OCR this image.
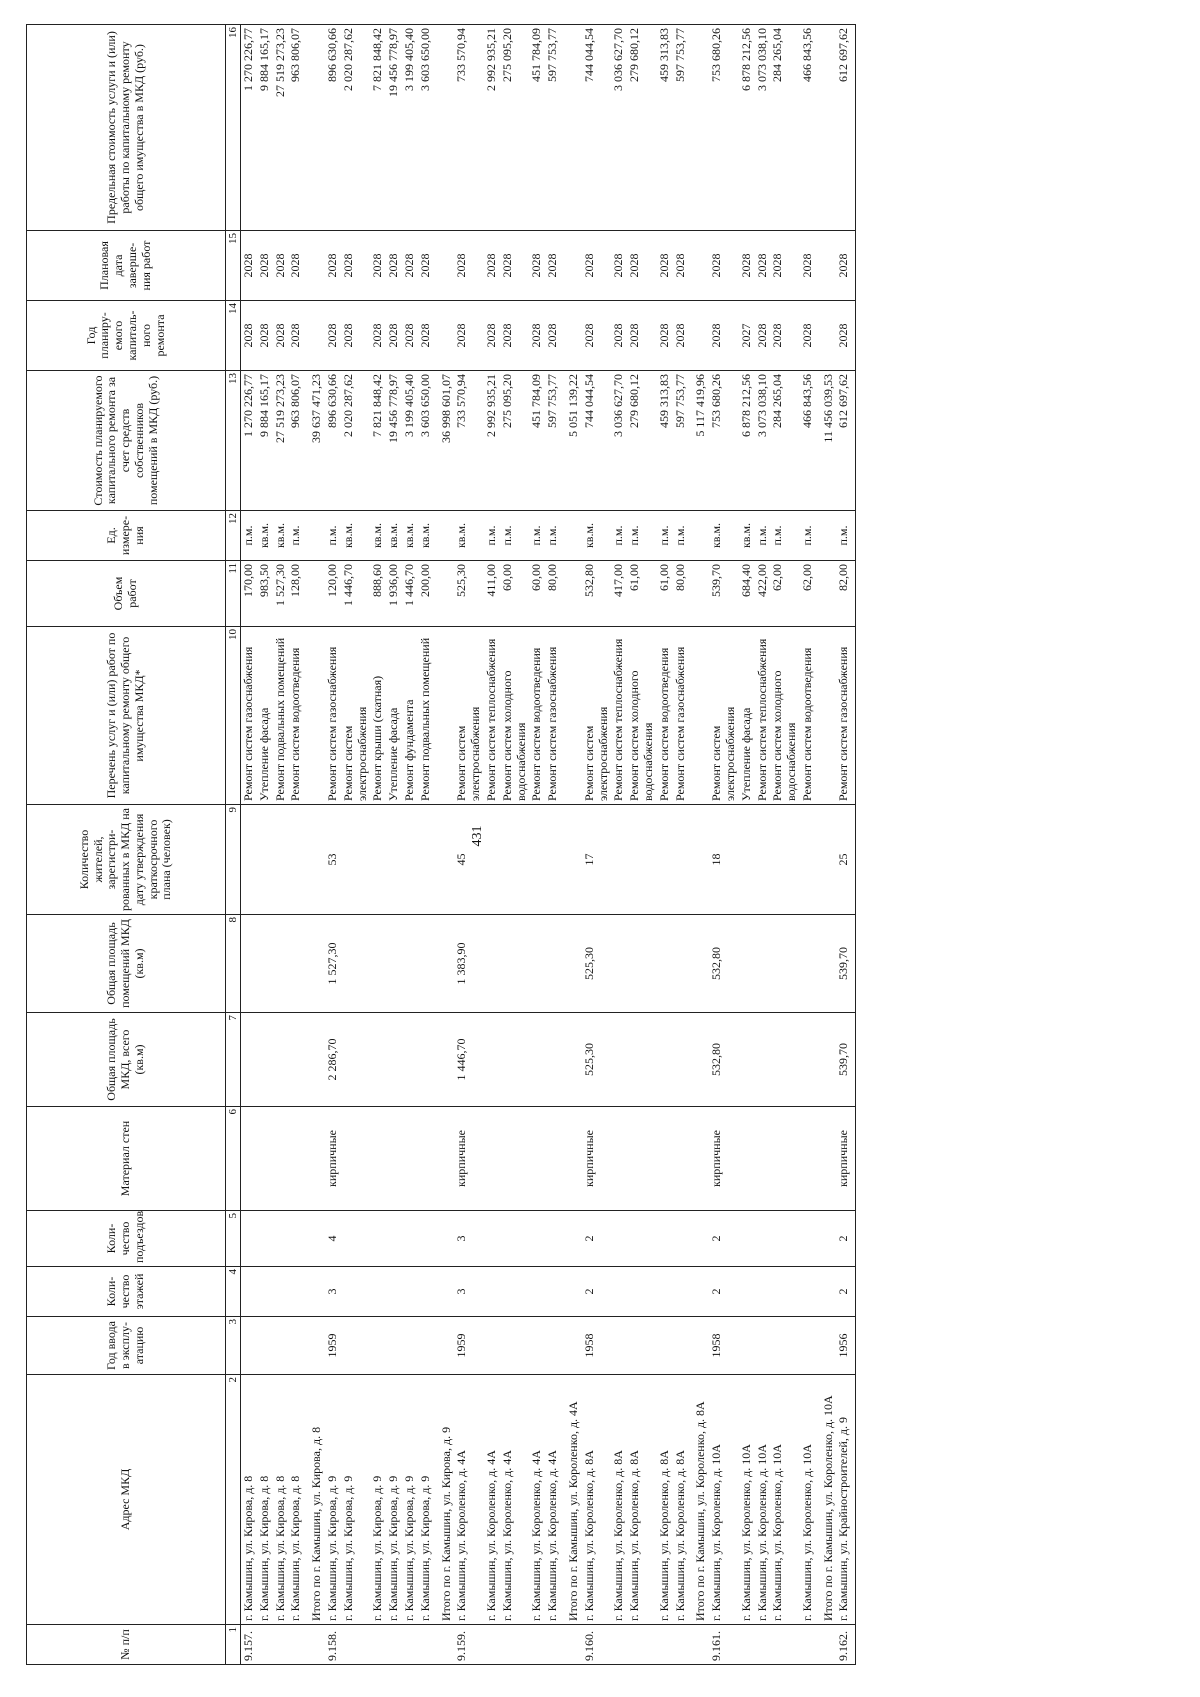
431
№ п/п	Адрес МКД	Год ввода в эксплу-атацию	Коли-чество этажей	Коли-чество подъездов	Материал стен	Общая площадь МКД, всего (кв.м)	Общая площадь помещений МКД (кв.м)	Количество жителей, зарегистри-рованных в МКД на дату утверждения краткосрочного плана (человек)	Перечень услуг и (или) работ по капитальному ремонту общего имущества МКД*	Объем работ	Ед. измере-ния	Стоимость планируемого капитального ремонта за счет средств собственников помещений в МКД (руб.)	Год планиру-емого капиталь-ного ремонта	Плановая дата заверше-ния работ	Предельная стоимость услуги и (или) работы по капитальному ремонту общего имущества в МКД (руб.)
1	2	3	4	5	6	7	8	9	10	11	12	13	14	15	16
9.157.	г. Камышин, ул. Кирова, д. 8								Ремонт систем газоснабжения	170,00	п.м.	1 270 226,77	2028	2028	1 270 226,77
	г. Камышин, ул. Кирова, д. 8								Утепление фасада	983,50	кв.м.	9 884 165,17	2028	2028	9 884 165,17
	г. Камышин, ул. Кирова, д. 8								Ремонт подвальных помещений	1 527,30	кв.м.	27 519 273,23	2028	2028	27 519 273,23
	г. Камышин, ул. Кирова, д. 8								Ремонт систем водоотведения	128,00	п.м.	963 806,07	2028	2028	963 806,07
	Итого по г. Камышин, ул. Кирова, д. 8											39 637 471,23			
9.158.	г. Камышин, ул. Кирова, д. 9	1959	3	4	кирпичные	2 286,70	1 527,30	53	Ремонт систем газоснабжения	120,00	п.м.	896 630,66	2028	2028	896 630,66
	г. Камышин, ул. Кирова, д. 9								Ремонт систем электроснабжения	1 446,70	кв.м.	2 020 287,62	2028	2028	2 020 287,62
	г. Камышин, ул. Кирова, д. 9								Ремонт крыши (скатная)	888,60	кв.м.	7 821 848,42	2028	2028	7 821 848,42
	г. Камышин, ул. Кирова, д. 9								Утепление фасада	1 936,00	кв.м.	19 456 778,97	2028	2028	19 456 778,97
	г. Камышин, ул. Кирова, д. 9								Ремонт фундамента	1 446,70	кв.м.	3 199 405,40	2028	2028	3 199 405,40
	г. Камышин, ул. Кирова, д. 9								Ремонт подвальных помещений	200,00	кв.м.	3 603 650,00	2028	2028	3 603 650,00
	Итого по г. Камышин, ул. Кирова, д. 9											36 998 601,07			
9.159.	г. Камышин, ул. Короленко, д. 4А	1959	3	3	кирпичные	1 446,70	1 383,90	45	Ремонт систем электроснабжения	525,30	кв.м.	733 570,94	2028	2028	733 570,94
	г. Камышин, ул. Короленко, д. 4А								Ремонт систем теплоснабжения	411,00	п.м.	2 992 935,21	2028	2028	2 992 935,21
	г. Камышин, ул. Короленко, д. 4А								Ремонт систем холодного водоснабжения	60,00	п.м.	275 095,20	2028	2028	275 095,20
	г. Камышин, ул. Короленко, д. 4А								Ремонт систем водоотведения	60,00	п.м.	451 784,09	2028	2028	451 784,09
	г. Камышин, ул. Короленко, д. 4А								Ремонт систем газоснабжения	80,00	п.м.	597 753,77	2028	2028	597 753,77
	Итого по г. Камышин, ул. Короленко, д. 4А											5 051 139,22			
9.160.	г. Камышин, ул. Короленко, д. 8А	1958	2	2	кирпичные	525,30	525,30	17	Ремонт систем электроснабжения	532,80	кв.м.	744 044,54	2028	2028	744 044,54
	г. Камышин, ул. Короленко, д. 8А								Ремонт систем теплоснабжения	417,00	п.м.	3 036 627,70	2028	2028	3 036 627,70
	г. Камышин, ул. Короленко, д. 8А								Ремонт систем холодного водоснабжения	61,00	п.м.	279 680,12	2028	2028	279 680,12
	г. Камышин, ул. Короленко, д. 8А								Ремонт систем водоотведения	61,00	п.м.	459 313,83	2028	2028	459 313,83
	г. Камышин, ул. Короленко, д. 8А								Ремонт систем газоснабжения	80,00	п.м.	597 753,77	2028	2028	597 753,77
	Итого по г. Камышин, ул. Короленко, д. 8А											5 117 419,96			
9.161.	г. Камышин, ул. Короленко, д. 10А	1958	2	2	кирпичные	532,80	532,80	18	Ремонт систем электроснабжения	539,70	кв.м.	753 680,26	2028	2028	753 680,26
	г. Камышин, ул. Короленко, д. 10А								Утепление фасада	684,40	кв.м.	6 878 212,56	2027	2028	6 878 212,56
	г. Камышин, ул. Короленко, д. 10А								Ремонт систем теплоснабжения	422,00	п.м.	3 073 038,10	2028	2028	3 073 038,10
	г. Камышин, ул. Короленко, д. 10А								Ремонт систем холодного водоснабжения	62,00	п.м.	284 265,04	2028	2028	284 265,04
	г. Камышин, ул. Короленко, д. 10А								Ремонт систем водоотведения	62,00	п.м.	466 843,56	2028	2028	466 843,56
	Итого по г. Камышин, ул. Короленко, д. 10А											11 456 039,53			
9.162.	г. Камышин, ул. Крайностроителей, д. 9	1956	2	2	кирпичные	539,70	539,70	25	Ремонт систем газоснабжения	82,00	п.м.	612 697,62	2028	2028	612 697,62
